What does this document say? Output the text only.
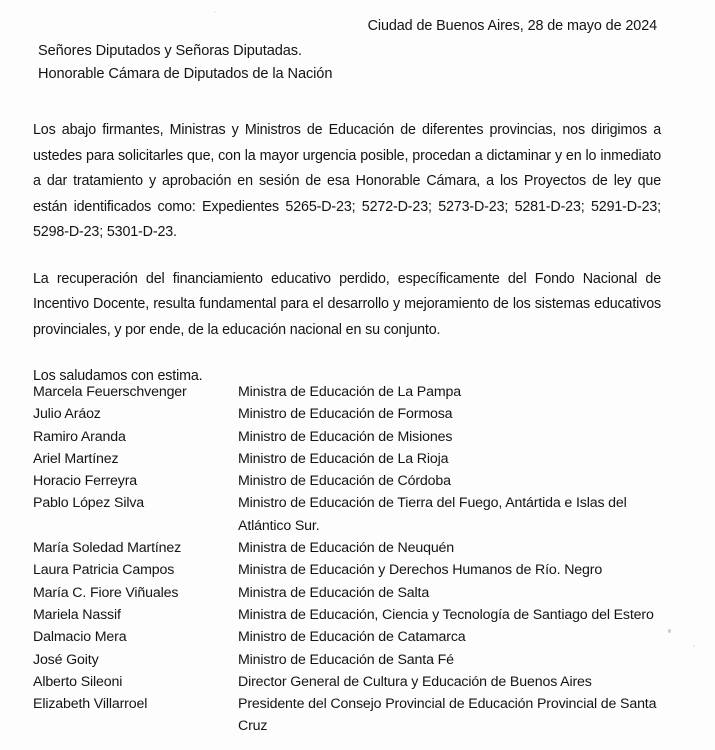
Ciudad de Buenos Aires, 28 de mayo de 2024
Señores Diputados y Señoras Diputadas.
Honorable Cámara de Diputados de la Nación

Los abajo firmantes, Ministras y Ministros de Educación de diferentes provincias, nos dirigimos a ustedes para solicitarles que, con la mayor urgencia posible, procedan a dictaminar y en lo inmediato a dar tratamiento y aprobación en sesión de esa Honorable Cámara, a los Proyectos de ley que están identificados como: Expedientes 5265-D-23; 5272-D-23; 5273-D-23; 5281-D-23; 5291-D-23; 5298-D-23; 5301-D-23.

La recuperación del financiamiento educativo perdido, específicamente del Fondo Nacional de Incentivo Docente, resulta fundamental para el desarrollo y mejoramiento de los sistemas educativos provinciales, y por ende, de la educación nacional en su conjunto.

Los saludamos con estima.

Marcela Feuerschvenger	Ministra de Educación de La Pampa
Julio Aráoz	Ministro de Educación de Formosa
Ramiro Aranda	Ministro de Educación de Misiones
Ariel Martínez	Ministro de Educación de La Rioja
Horacio Ferreyra	Ministro de Educación de Córdoba
Pablo López Silva	Ministro de Educación de Tierra del Fuego, Antártida e Islas del Atlántico Sur.
María Soledad Martínez	Ministra de Educación de Neuquén
Laura Patricia Campos	Ministra de Educación y Derechos Humanos de Río. Negro
María C. Fiore Viñuales	Ministra de Educación de Salta
Mariela Nassif	Ministra de Educación, Ciencia y Tecnología de Santiago del Estero
Dalmacio Mera	Ministro de Educación de Catamarca
José Goity	Ministro de Educación de Santa Fé
Alberto Sileoni	Director General de Cultura y Educación de Buenos Aires
Elizabeth Villarroel	Presidente del Consejo Provincial de Educación Provincial de Santa Cruz
